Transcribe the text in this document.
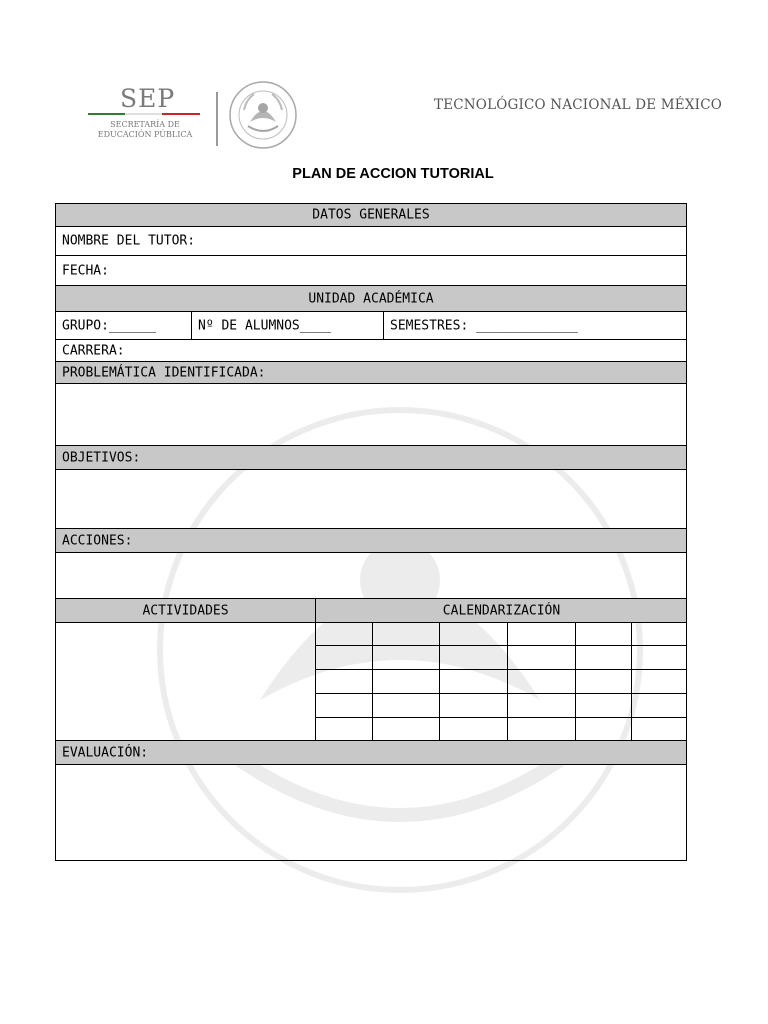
SEP
SECRETARÍA DE
EDUCACIÓN PÚBLICA
TECNOLÓGICO NACIONAL DE MÉXICO
PLAN DE ACCION TUTORIAL
DATOS GENERALES
NOMBRE DEL TUTOR:
FECHA:
UNIDAD ACADÉMICA
GRUPO:______	Nº DE ALUMNOS____	SEMESTRES: _____________
CARRERA:
PROBLEMÁTICA IDENTIFICADA:
OBJETIVOS:
ACCIONES:
ACTIVIDADES	CALENDARIZACIÓN
EVALUACIÓN:
